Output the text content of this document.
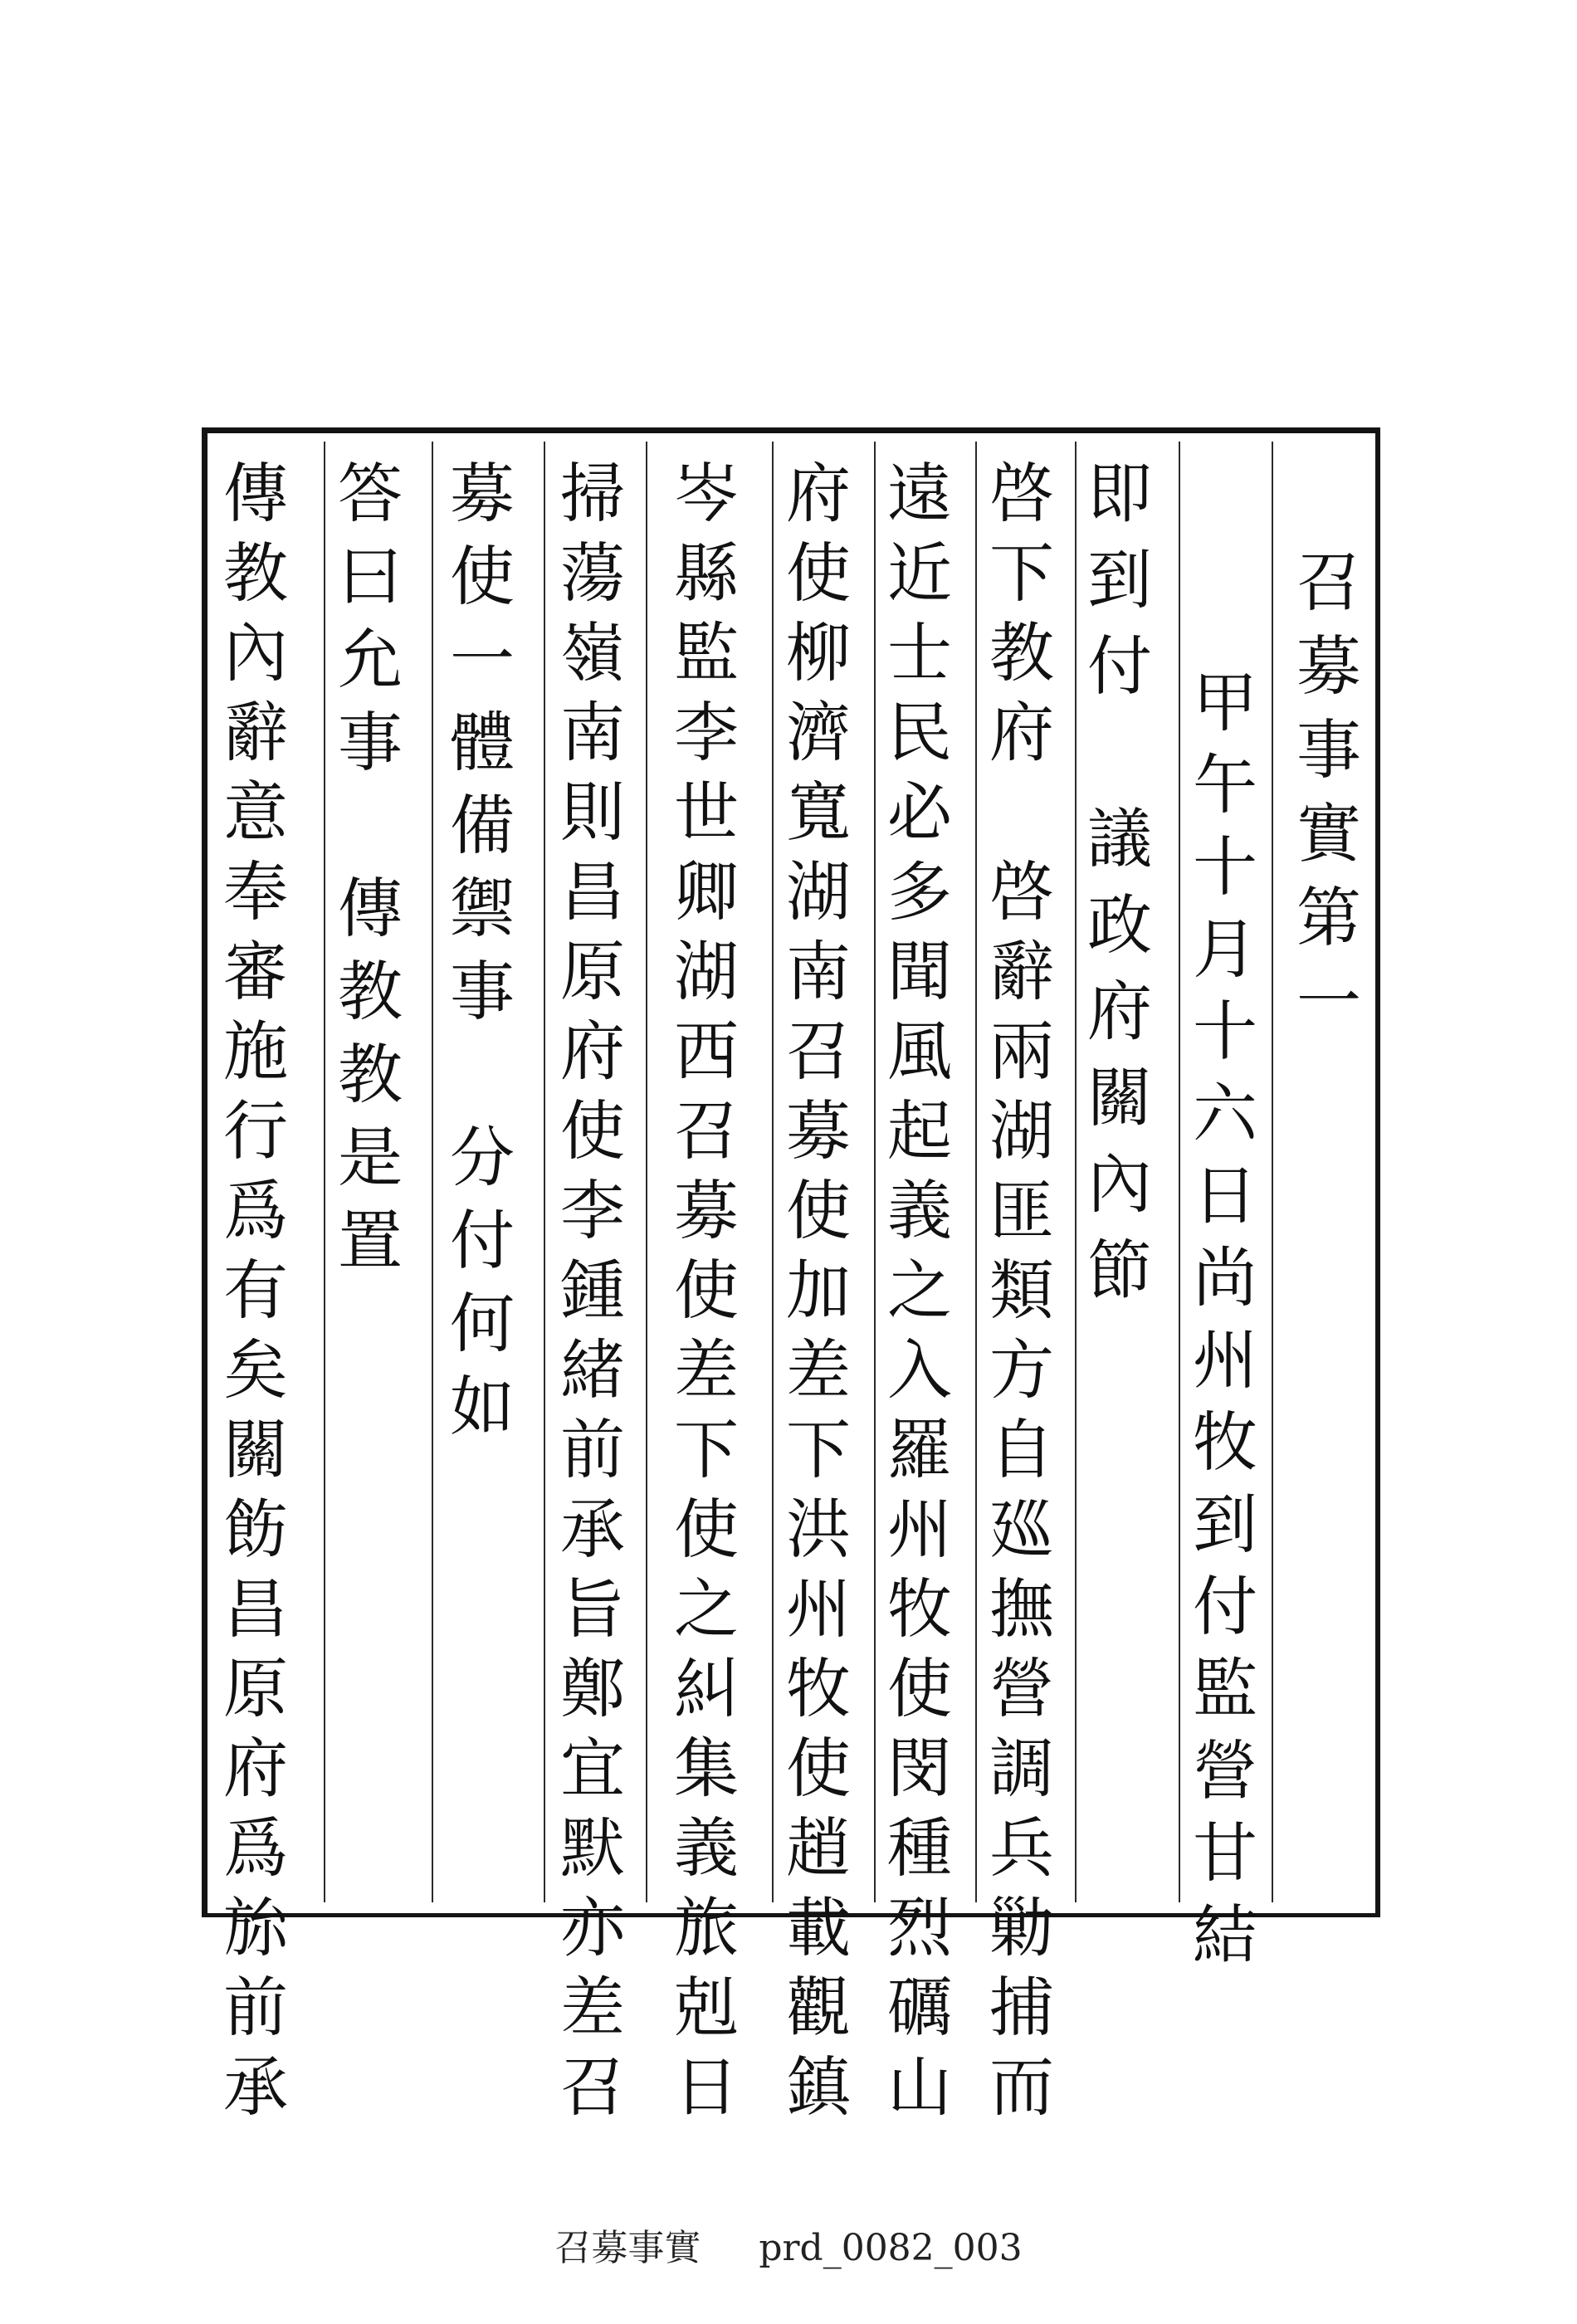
召募事實第一

甲午十月十六日尚州牧到付監營甘結

即到付　議政府關內節

啓下教府　啓辭兩湖匪類方自廵撫營調兵勦捕而

遠近士民必多聞風起義之入羅州牧使閔種烈礪山

府使柳濟寬湖南召募使加差下洪州牧使趙載觀鎮

岑縣監李世卿湖西召募使差下使之糾集義旅剋日

掃蕩嶺南則昌原府使李鍾緒前承旨鄭宜默亦差召

募使一體備禦事　分付何如

答曰允事　傳教教是置

傳教內辭意奉審施行爲有矣關飭昌原府爲旀前承

召募事實 prd_0082_003
